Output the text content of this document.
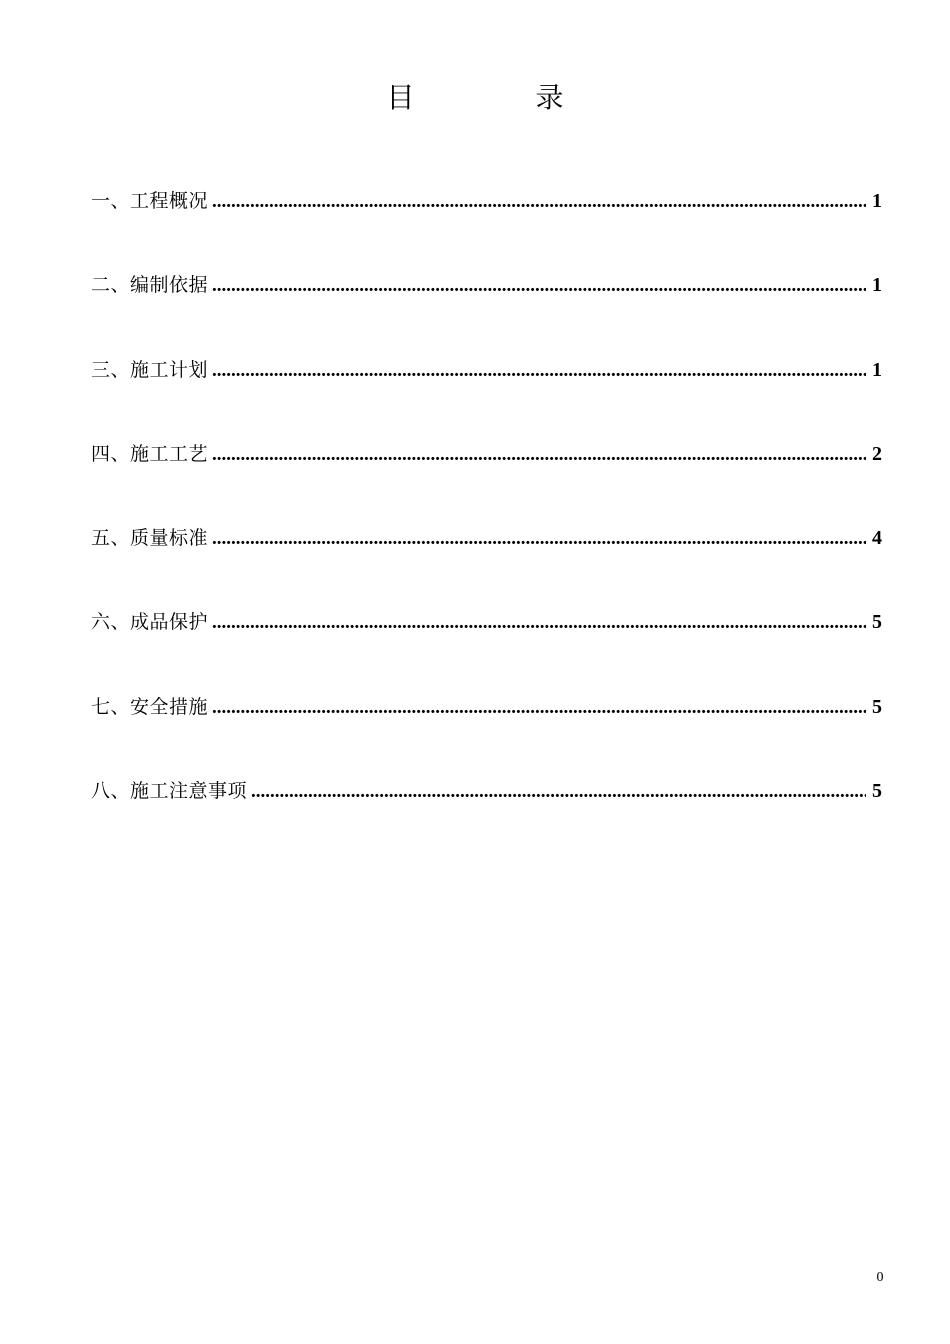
目 录
一、工程概况 .....	1
二、编制依据 .....	1
三、施工计划 .....	1
四、施工工艺 .....	2
五、质量标准 .....	4
六、成品保护 .....	5
七、安全措施 .....	5
八、施工注意事项 .....	5
0
